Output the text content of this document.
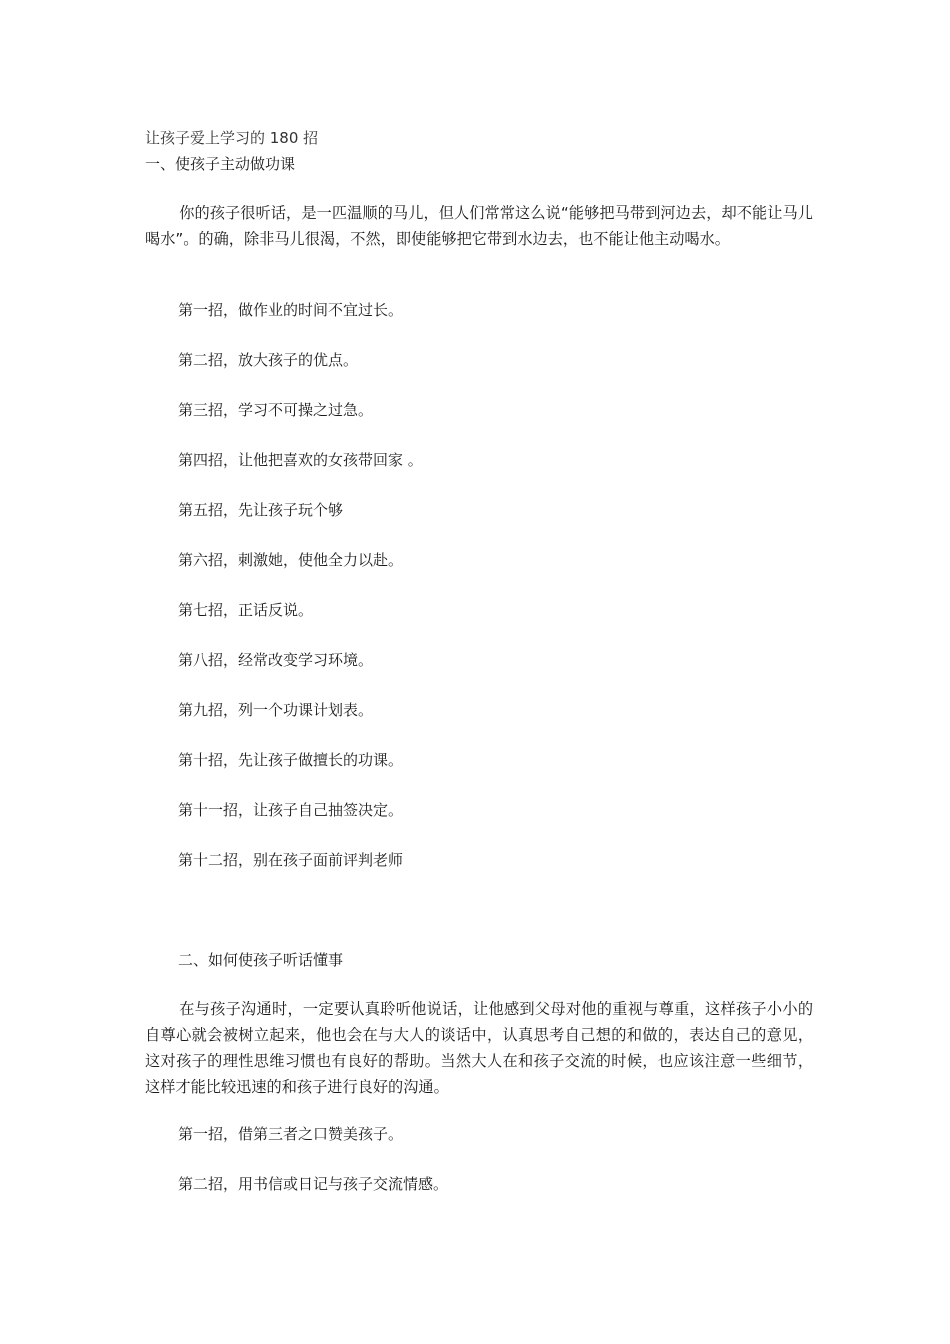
让孩子爱上学习的 180 招
一、使孩子主动做功课
你的孩子很听话，是一匹温顺的马儿，但人们常常这么说“能够把马带到河边去，却不能让马儿喝水”。的确，除非马儿很渴，不然，即使能够把它带到水边去，也不能让他主动喝水。
第一招，做作业的时间不宜过长。
第二招，放大孩子的优点。
第三招，学习不可操之过急。
第四招，让他把喜欢的女孩带回家 。
第五招，先让孩子玩个够
第六招，刺激她，使他全力以赴。
第七招，正话反说。
第八招，经常改变学习环境。
第九招，列一个功课计划表。
第十招，先让孩子做擅长的功课。
第十一招，让孩子自己抽签决定。
第十二招，别在孩子面前评判老师
二、如何使孩子听话懂事
在与孩子沟通时，一定要认真聆听他说话，让他感到父母对他的重视与尊重，这样孩子小小的自尊心就会被树立起来，他也会在与大人的谈话中，认真思考自己想的和做的，表达自己的意见，这对孩子的理性思维习惯也有良好的帮助。当然大人在和孩子交流的时候，也应该注意一些细节，这样才能比较迅速的和孩子进行良好的沟通。
第一招，借第三者之口赞美孩子。
第二招，用书信或日记与孩子交流情感。
